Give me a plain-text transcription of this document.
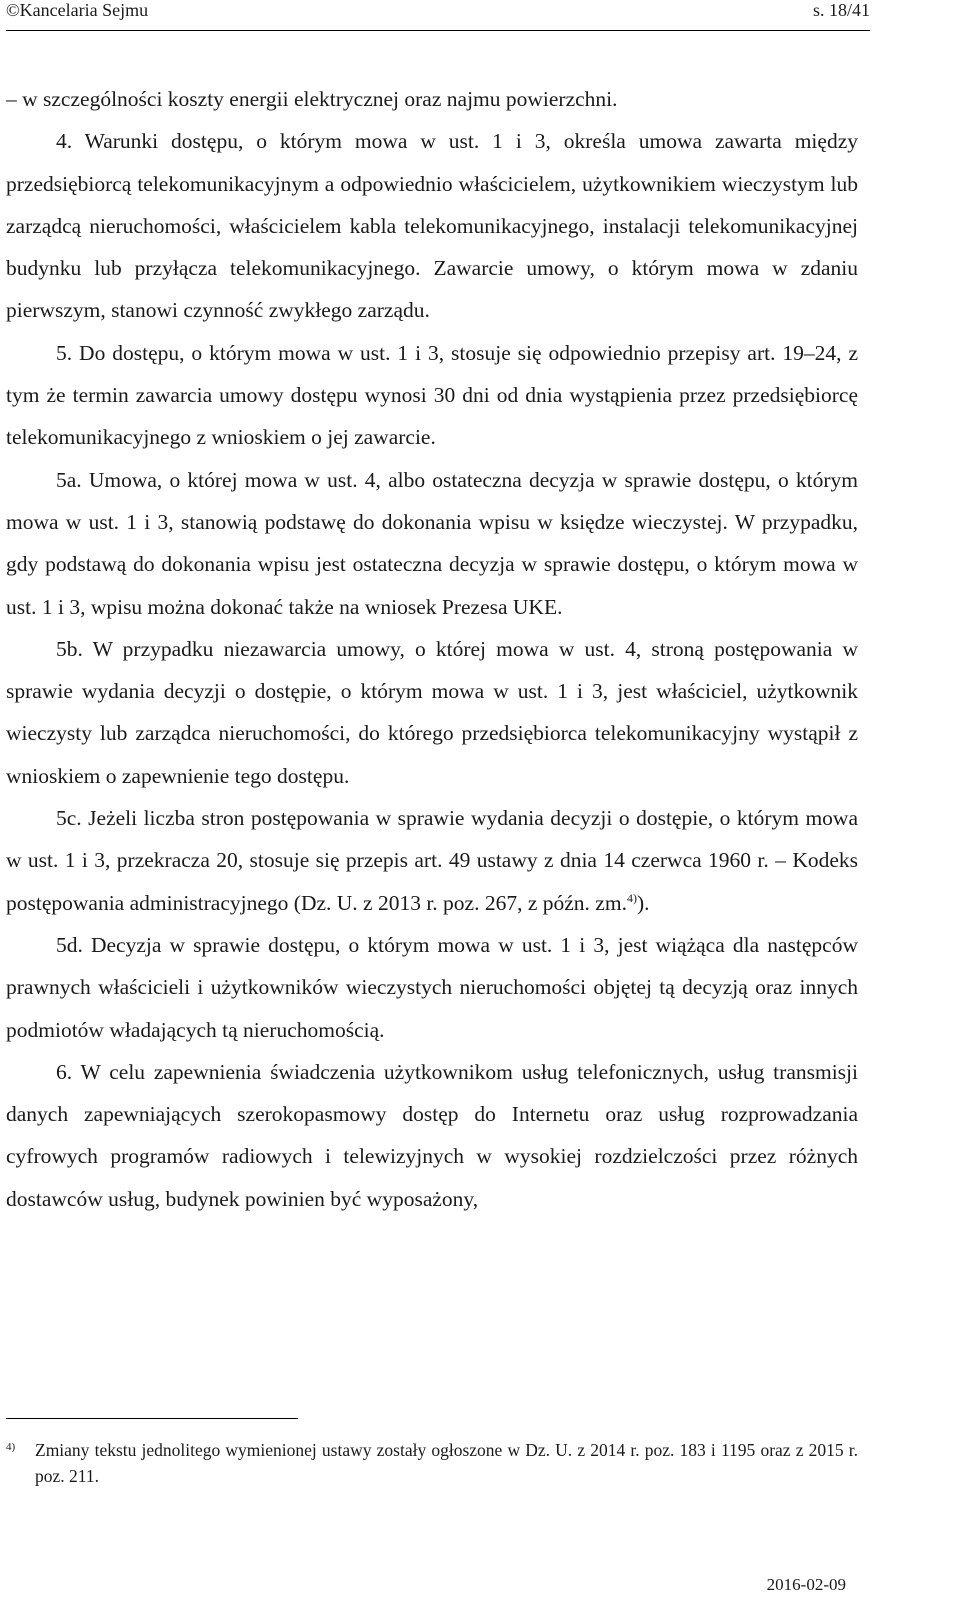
©Kancelaria Sejmu	s. 18/41

– w szczególności koszty energii elektrycznej oraz najmu powierzchni.

4. Warunki dostępu, o którym mowa w ust. 1 i 3, określa umowa zawarta między przedsiębiorcą telekomunikacyjnym a odpowiednio właścicielem, użytkownikiem wieczystym lub zarządcą nieruchomości, właścicielem kabla telekomunikacyjnego, instalacji telekomunikacyjnej budynku lub przyłącza telekomunikacyjnego. Zawarcie umowy, o którym mowa w zdaniu pierwszym, stanowi czynność zwykłego zarządu.

5. Do dostępu, o którym mowa w ust. 1 i 3, stosuje się odpowiednio przepisy art. 19–24, z tym że termin zawarcia umowy dostępu wynosi 30 dni od dnia wystąpienia przez przedsiębiorcę telekomunikacyjnego z wnioskiem o jej zawarcie.

5a. Umowa, o której mowa w ust. 4, albo ostateczna decyzja w sprawie dostępu, o którym mowa w ust. 1 i 3, stanowią podstawę do dokonania wpisu w księdze wieczystej. W przypadku, gdy podstawą do dokonania wpisu jest ostateczna decyzja w sprawie dostępu, o którym mowa w ust. 1 i 3, wpisu można dokonać także na wniosek Prezesa UKE.

5b. W przypadku niezawarcia umowy, o której mowa w ust. 4, stroną postępowania w sprawie wydania decyzji o dostępie, o którym mowa w ust. 1 i 3, jest właściciel, użytkownik wieczysty lub zarządca nieruchomości, do którego przedsiębiorca telekomunikacyjny wystąpił z wnioskiem o zapewnienie tego dostępu.

5c. Jeżeli liczba stron postępowania w sprawie wydania decyzji o dostępie, o którym mowa w ust. 1 i 3, przekracza 20, stosuje się przepis art. 49 ustawy z dnia 14 czerwca 1960 r. – Kodeks postępowania administracyjnego (Dz. U. z 2013 r. poz. 267, z późn. zm.$^{4)}$).

5d. Decyzja w sprawie dostępu, o którym mowa w ust. 1 i 3, jest wiążąca dla następców prawnych właścicieli i użytkowników wieczystych nieruchomości objętej tą decyzją oraz innych podmiotów władających tą nieruchomością.

6. W celu zapewnienia świadczenia użytkownikom usług telefonicznych, usług transmisji danych zapewniających szerokopasmowy dostęp do Internetu oraz usług rozprowadzania cyfrowych programów radiowych i telewizyjnych w wysokiej rozdzielczości przez różnych dostawców usług, budynek powinien być wyposażony,

4) Zmiany tekstu jednolitego wymienionej ustawy zostały ogłoszone w Dz. U. z 2014 r. poz. 183 i 1195 oraz z 2015 r. poz. 211.
2016-02-09
